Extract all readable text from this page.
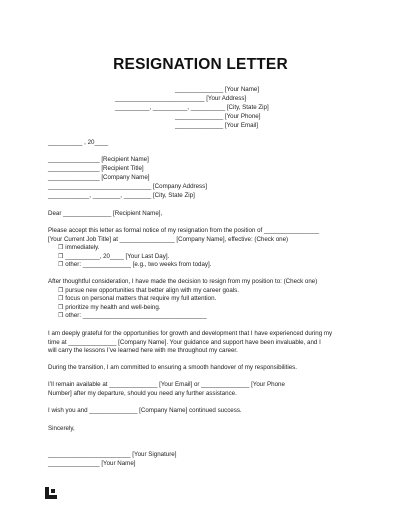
RESIGNATION LETTER
______________ [Your Name]
__________________________ [Your Address]
__________, __________, __________ [City, State Zip]
______________ [Your Phone]
______________ [Your Email]
__________ , 20____
_______________ [Recipient Name]
_______________ [Recipient Title]
_______________ [Company Name]
______________________________ [Company Address]
____________, ________, ________ [City, State Zip]
Dear ______________ [Recipient Name],
Please accept this letter as formal notice of my resignation from the position of ________________
[Your Current Job Title] at ________________ [Company Name], effective: (Check one)
❐ immediately.
❐ __________, 20____ [Your Last Day].
❐ other: ______________ [e.g., two weeks from today].
After thoughtful consideration, I have made the decision to resign from my position to: (Check one)
❐ pursue new opportunities that better align with my career goals.
❐ focus on personal matters that require my full attention.
❐ prioritize my health and well-being.
❐ other: ____________________________________
I am deeply grateful for the opportunities for growth and development that I have experienced during my
time at ______________ [Company Name]. Your guidance and support have been invaluable, and I
will carry the lessons I’ve learned here with me throughout my career.
During the transition, I am committed to ensuring a smooth handover of my responsibilities.
I’ll remain available at ______________ [Your Email] or ______________ [Your Phone
Number] after my departure, should you need any further assistance.
I wish you and ______________ [Company Name] continued success.
Sincerely,
________________________ [Your Signature]
_______________ [Your Name]
